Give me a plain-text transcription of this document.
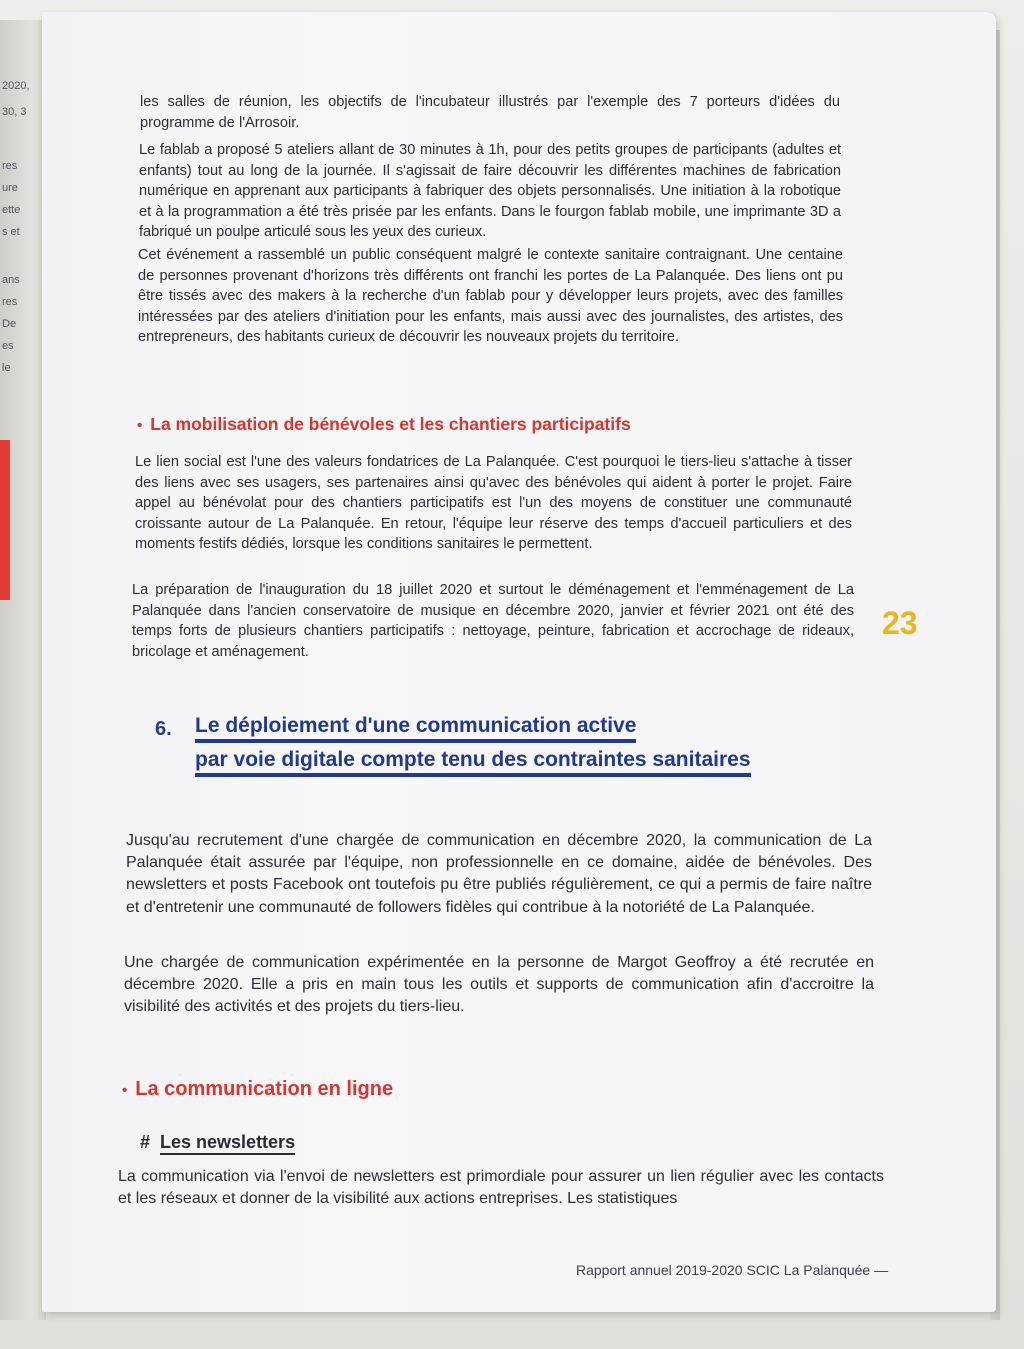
2020,
30, 3
res
ure
ette
s et
ans
res
De
es
le

les salles de réunion, les objectifs de l'incubateur illustrés par l'exemple des 7 porteurs d'idées du programme de l'Arrosoir.

Le fablab a proposé 5 ateliers allant de 30 minutes à 1h, pour des petits groupes de participants (adultes et enfants) tout au long de la journée. Il s'agissait de faire découvrir les différentes machines de fabrication numérique en apprenant aux participants à fabriquer des objets personnalisés. Une initiation à la robotique et à la programmation a été très prisée par les enfants. Dans le fourgon fablab mobile, une imprimante 3D a fabriqué un poulpe articulé sous les yeux des curieux.

Cet événement a rassemblé un public conséquent malgré le contexte sanitaire contraignant. Une centaine de personnes provenant d'horizons très différents ont franchi les portes de La Palanquée. Des liens ont pu être tissés avec des makers à la recherche d'un fablab pour y développer leurs projets, avec des familles intéressées par des ateliers d'initiation pour les enfants, mais aussi avec des journalistes, des artistes, des entrepreneurs, des habitants curieux de découvrir les nouveaux projets du territoire.

• La mobilisation de bénévoles et les chantiers participatifs

Le lien social est l'une des valeurs fondatrices de La Palanquée. C'est pourquoi le tiers-lieu s'attache à tisser des liens avec ses usagers, ses partenaires ainsi qu'avec des bénévoles qui aident à porter le projet. Faire appel au bénévolat pour des chantiers participatifs est l'un des moyens de constituer une communauté croissante autour de La Palanquée. En retour, l'équipe leur réserve des temps d'accueil particuliers et des moments festifs dédiés, lorsque les conditions sanitaires le permettent.

La préparation de l'inauguration du 18 juillet 2020 et surtout le déménagement et l'emménagement de La Palanquée dans l'ancien conservatoire de musique en décembre 2020, janvier et février 2021 ont été des temps forts de plusieurs chantiers participatifs : nettoyage, peinture, fabrication et accrochage de rideaux, bricolage et aménagement.

23
6. Le déploiement d'une communication active
par voie digitale compte tenu des contraintes sanitaires

Jusqu'au recrutement d'une chargée de communication en décembre 2020, la communication de La Palanquée était assurée par l'équipe, non professionnelle en ce domaine, aidée de bénévoles. Des newsletters et posts Facebook ont toutefois pu être publiés régulièrement, ce qui a permis de faire naître et d'entretenir une communauté de followers fidèles qui contribue à la notoriété de La Palanquée.

Une chargée de communication expérimentée en la personne de Margot Geoffroy a été recrutée en décembre 2020. Elle a pris en main tous les outils et supports de communication afin d'accroitre la visibilité des activités et des projets du tiers-lieu.

• La communication en ligne
# Les newsletters

La communication via l'envoi de newsletters est primordiale pour assurer un lien régulier avec les contacts et les réseaux et donner de la visibilité aux actions entreprises. Les statistiques

Rapport annuel 2019-2020 SCIC La Palanquée —
